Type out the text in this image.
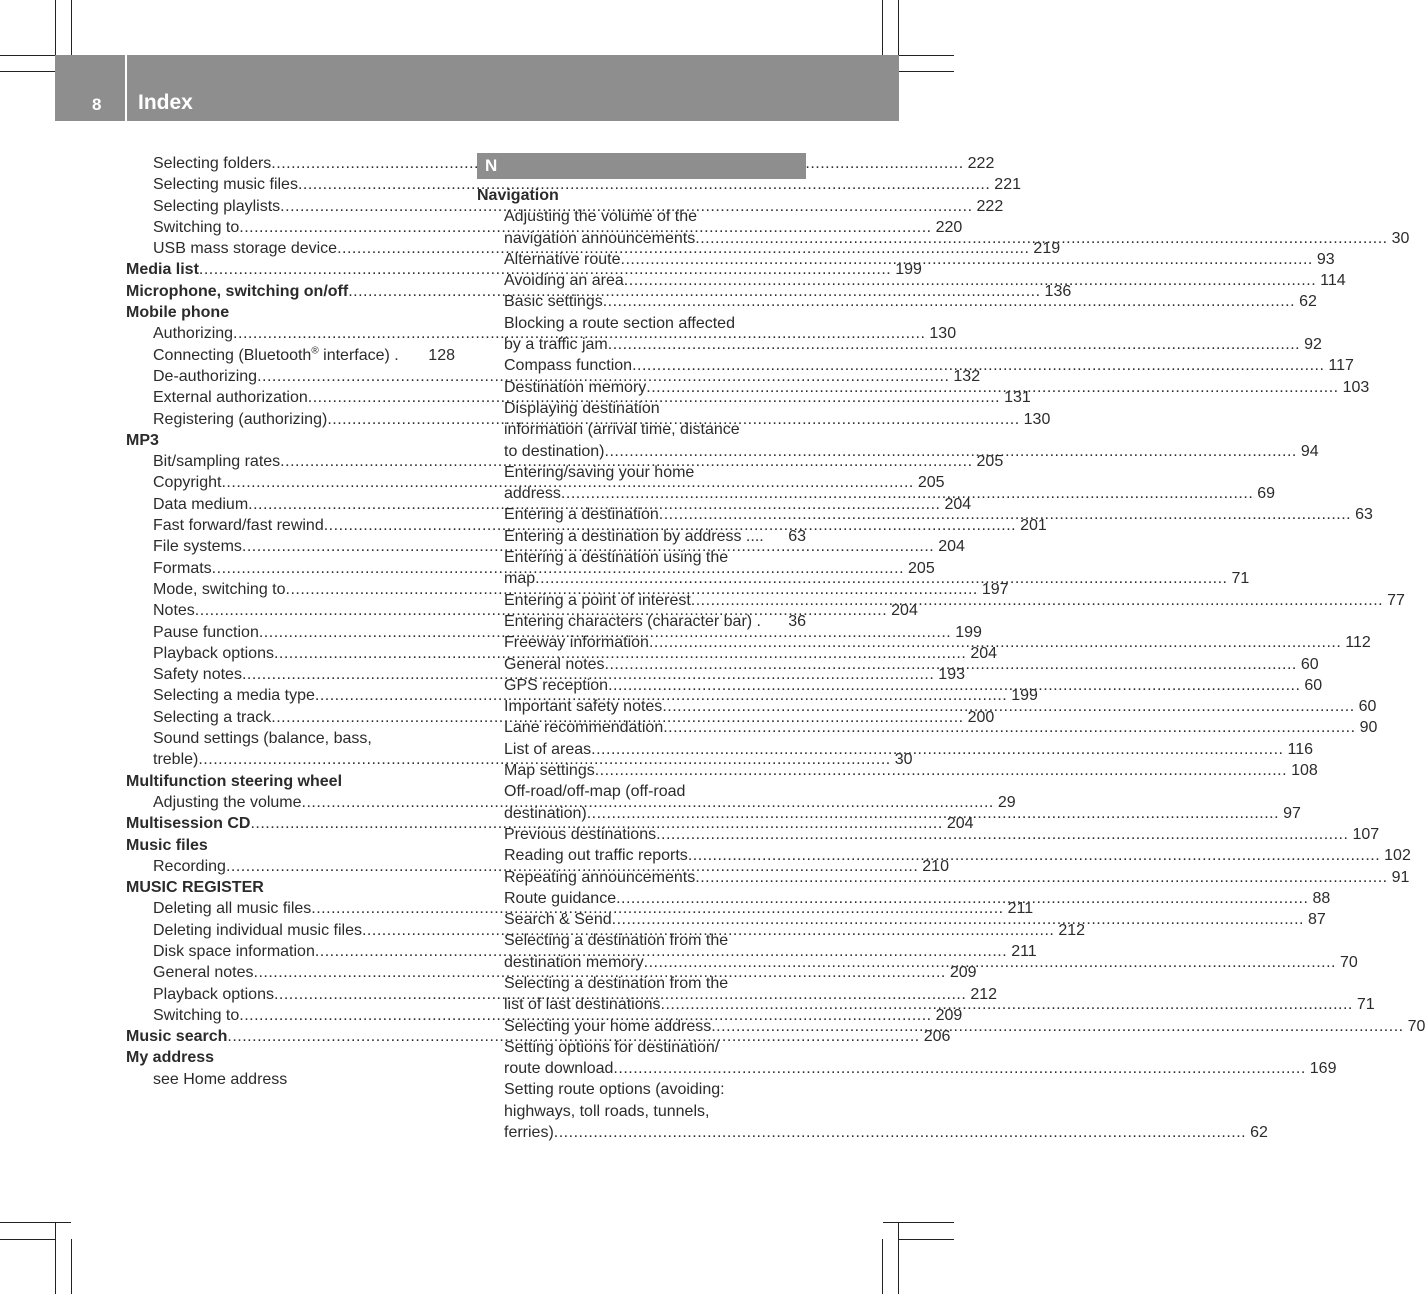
8 Index
Selecting folders .....	222
Selecting music files .....	221
Selecting playlists .....	222
Switching to .....	220
USB mass storage device .....	219
Media list .....	199
Microphone, switching on/off .....	136
Mobile phone
Authorizing .....	130
Connecting (Bluetooth® interface) . 128
De-authorizing .....	132
External authorization .....	131
Registering (authorizing) .....	130
MP3
Bit/sampling rates .....	205
Copyright .....	205
Data medium .....	204
Fast forward/fast rewind .....	201
File systems .....	204
Formats .....	205
Mode, switching to .....	197
Notes .....	204
Pause function .....	199
Playback options .....	204
Safety notes .....	193
Selecting a media type .....	199
Selecting a track .....	200
Sound settings (balance, bass,
treble) .....	30
Multifunction steering wheel
Adjusting the volume .....	29
Multisession CD .....	204
Music files
Recording .....	210
MUSIC REGISTER
Deleting all music files .....	211
Deleting individual music files .....	212
Disk space information .....	211
General notes .....	209
Playback options .....	212
Switching to .....	209
Music search .....	206
My address
see Home address
N
Navigation
Adjusting the volume of the
navigation announcements .....	30
Alternative route .....	93
Avoiding an area .....	114
Basic settings .....	62
Blocking a route section affected
by a traffic jam .....	92
Compass function .....	117
Destination memory .....	103
Displaying destination
information (arrival time, distance
to destination) .....	94
Entering/saving your home
address .....	69
Entering a destination .....	63
Entering a destination by address .... 63
Entering a destination using the
map .....	71
Entering a point of interest .....	77
Entering characters (character bar) . 36
Freeway information .....	112
General notes .....	60
GPS reception .....	60
Important safety notes .....	60
Lane recommendation .....	90
List of areas .....	116
Map settings .....	108
Off-road/off-map (off-road
destination) .....	97
Previous destinations .....	107
Reading out traffic reports .....	102
Repeating announcements .....	91
Route guidance .....	88
Search & Send .....	87
Selecting a destination from the
destination memory .....	70
Selecting a destination from the
list of last destinations .....	71
Selecting your home address .....	70
Setting options for destination/
route download .....	169
Setting route options (avoiding:
highways, toll roads, tunnels,
ferries) .....	62
